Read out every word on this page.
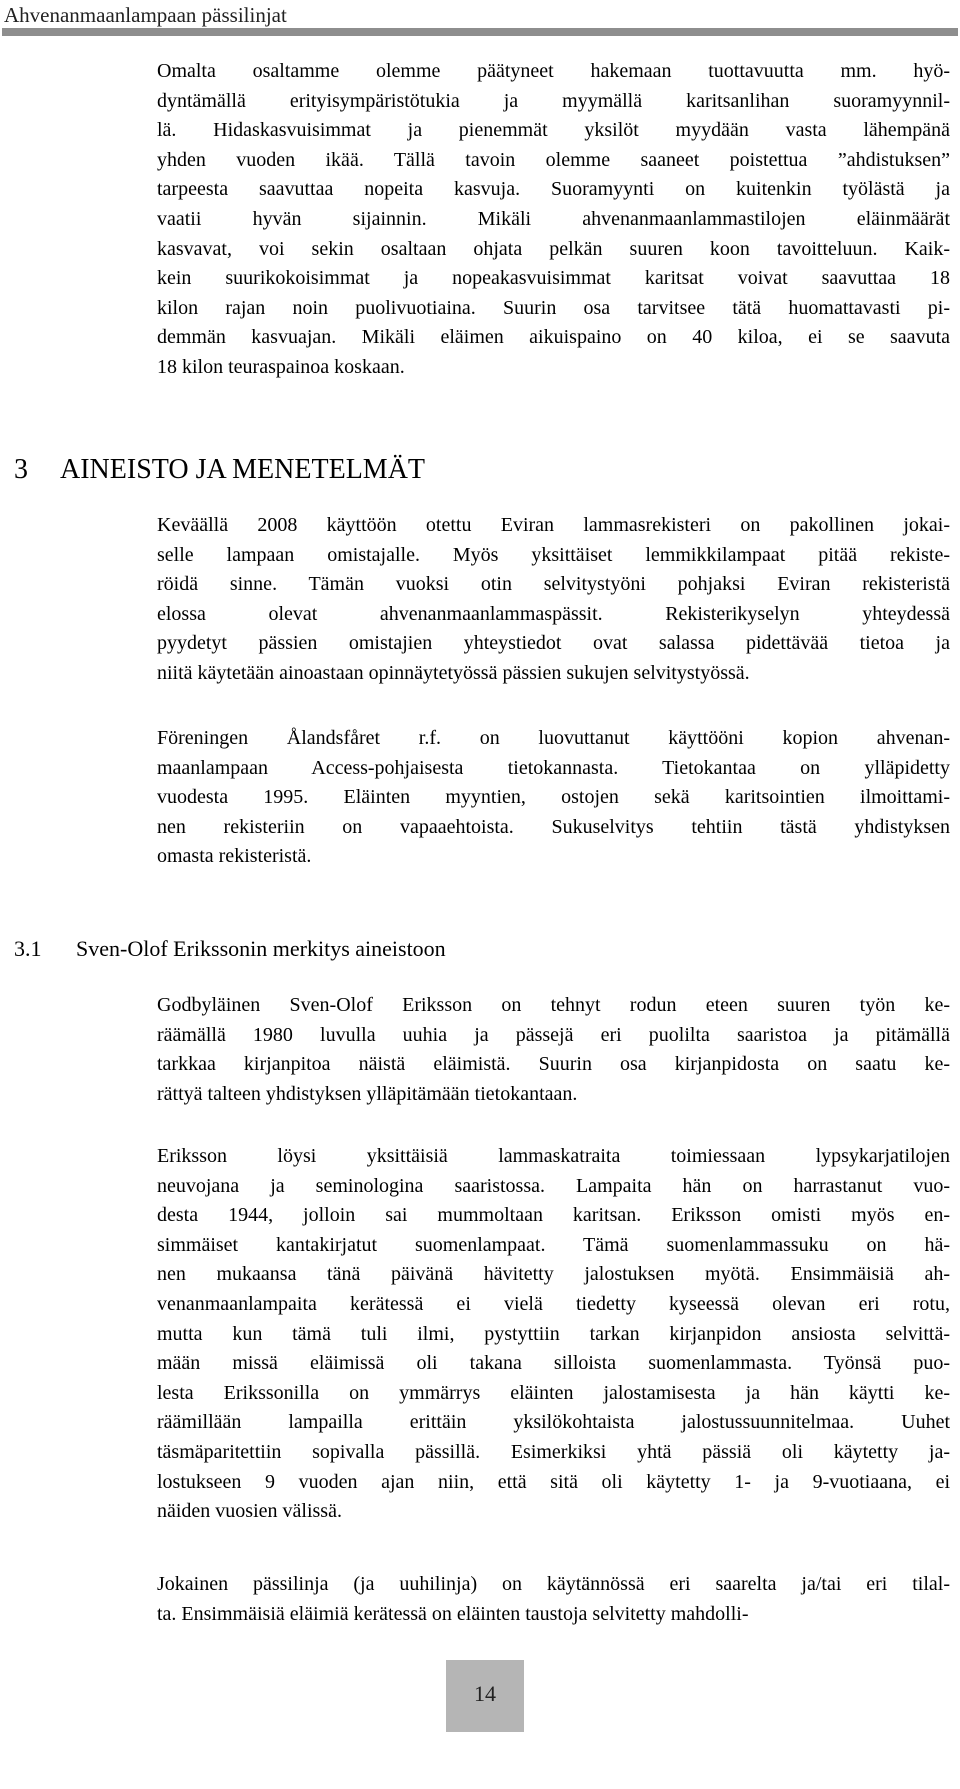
Ahvenanmaanlampaan pässilinjat
Omalta osaltamme olemme päätyneet hakemaan tuottavuutta mm. hyö-
dyntämällä erityisympäristötukia ja myymällä karitsanlihan suoramyynnil-
lä. Hidaskasvuisimmat ja pienemmät yksilöt myydään vasta lähempänä
yhden vuoden ikää. Tällä tavoin olemme saaneet poistettua ”ahdistuksen”
tarpeesta saavuttaa nopeita kasvuja. Suoramyynti on kuitenkin työlästä ja
vaatii hyvän sijainnin. Mikäli ahvenanmaanlammastilojen eläinmäärät
kasvavat, voi sekin osaltaan ohjata pelkän suuren koon tavoitteluun. Kaik-
kein suurikokoisimmat ja nopeakasvuisimmat karitsat voivat saavuttaa 18
kilon rajan noin puolivuotiaina. Suurin osa tarvitsee tätä huomattavasti pi-
demmän kasvuajan. Mikäli eläimen aikuispaino on 40 kiloa, ei se saavuta
18 kilon teuraspainoa koskaan.
3 AINEISTO JA MENETELMÄT
Keväällä 2008 käyttöön otettu Eviran lammasrekisteri on pakollinen jokai-
selle lampaan omistajalle. Myös yksittäiset lemmikkilampaat pitää rekiste-
röidä sinne. Tämän vuoksi otin selvitystyöni pohjaksi Eviran rekisteristä
elossa olevat ahvenanmaanlammaspässit. Rekisterikyselyn yhteydessä
pyydetyt pässien omistajien yhteystiedot ovat salassa pidettävää tietoa ja
niitä käytetään ainoastaan opinnäytetyössä pässien sukujen selvitystyössä.
Föreningen Ålandsfåret r.f. on luovuttanut käyttööni kopion ahvenan-
maanlampaan Access-pohjaisesta tietokannasta. Tietokantaa on ylläpidetty
vuodesta 1995. Eläinten myyntien, ostojen sekä karitsointien ilmoittami-
nen rekisteriin on vapaaehtoista. Sukuselvitys tehtiin tästä yhdistyksen
omasta rekisteristä.
3.1 Sven-Olof Erikssonin merkitys aineistoon
Godbyläinen Sven-Olof Eriksson on tehnyt rodun eteen suuren työn ke-
räämällä 1980 luvulla uuhia ja pässejä eri puolilta saaristoa ja pitämällä
tarkkaa kirjanpitoa näistä eläimistä. Suurin osa kirjanpidosta on saatu ke-
rättyä talteen yhdistyksen ylläpitämään tietokantaan.
Eriksson löysi yksittäisiä lammaskatraita toimiessaan lypsykarjatilojen
neuvojana ja seminologina saaristossa. Lampaita hän on harrastanut vuo-
desta 1944, jolloin sai mummoltaan karitsan. Eriksson omisti myös en-
simmäiset kantakirjatut suomenlampaat. Tämä suomenlammassuku on hä-
nen mukaansa tänä päivänä hävitetty jalostuksen myötä. Ensimmäisiä ah-
venanmaanlampaita kerätessä ei vielä tiedetty kyseessä olevan eri rotu,
mutta kun tämä tuli ilmi, pystyttiin tarkan kirjanpidon ansiosta selvittä-
mään missä eläimissä oli takana silloista suomenlammasta. Työnsä puo-
lesta Erikssonilla on ymmärrys eläinten jalostamisesta ja hän käytti ke-
räämillään lampailla erittäin yksilökohtaista jalostussuunnitelmaa. Uuhet
täsmäparitettiin sopivalla pässillä. Esimerkiksi yhtä pässiä oli käytetty ja-
lostukseen 9 vuoden ajan niin, että sitä oli käytetty 1- ja 9-vuotiaana, ei
näiden vuosien välissä.
Jokainen pässilinja (ja uuhilinja) on käytännössä eri saarelta ja/tai eri tilal-
ta. Ensimmäisiä eläimiä kerätessä on eläinten taustoja selvitetty mahdolli-
14
